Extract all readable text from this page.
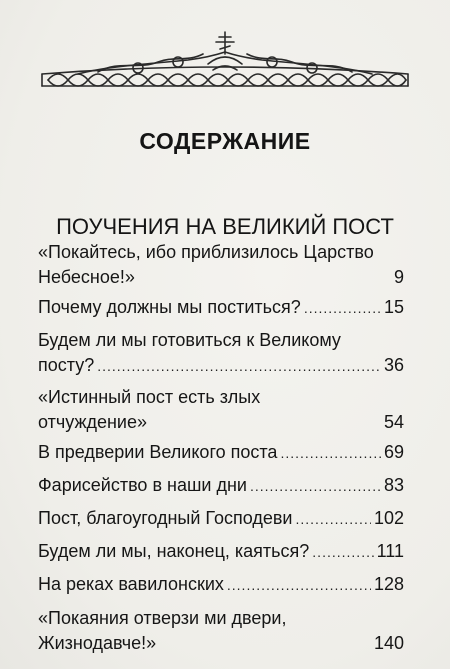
СОДЕРЖАНИЕ
ПОУЧЕНИЯ НА ВЕЛИКИЙ ПОСТ
«Покайтесь, ибо приблизилось Царство
Небесное!»	9
Почему должны мы поститься? .....	15
Будем ли мы готовиться к Великому
посту? .....	36
«Истинный пост есть злых
отчуждение»	54
В предверии Великого поста .....	69
Фарисейство в наши дни .....	83
Пост, благоугодный Господеви .....	102
Будем ли мы, наконец, каяться? .....	111
На реках вавилонских .....	128
«Покаяния отверзи ми двери,
Жизнодавче!»	140
